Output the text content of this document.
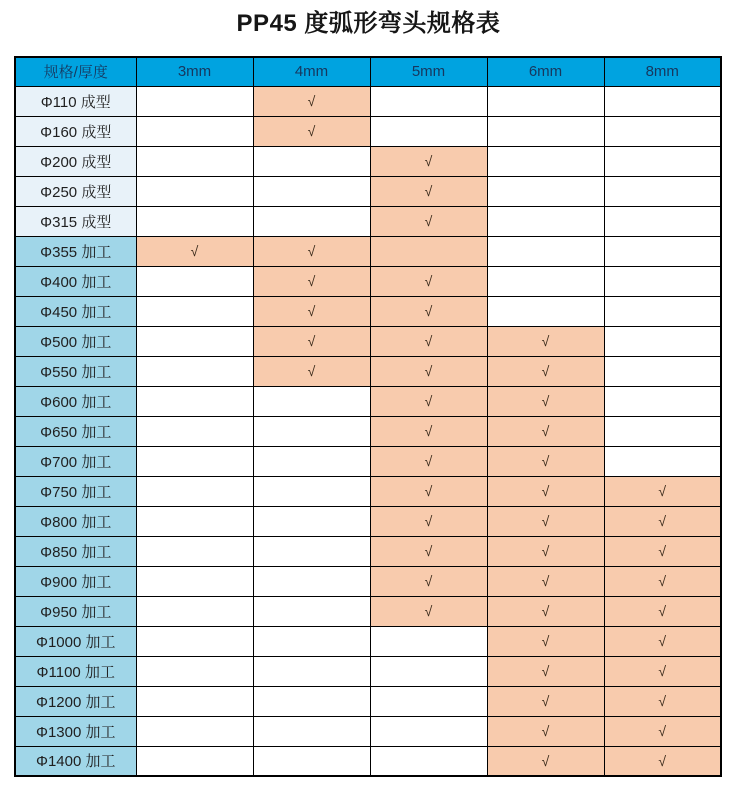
PP45 度弧形弯头规格表
规格/厚度	3mm	4mm	5mm	6mm	8mm
Φ110 成型		√			
Φ160 成型		√			
Φ200 成型			√		
Φ250 成型			√		
Φ315 成型			√		
Φ355 加工	√	√			
Φ400 加工		√	√		
Φ450 加工		√	√		
Φ500 加工		√	√	√	
Φ550 加工		√	√	√	
Φ600 加工			√	√	
Φ650 加工			√	√	
Φ700 加工			√	√	
Φ750 加工			√	√	√
Φ800 加工			√	√	√
Φ850 加工			√	√	√
Φ900 加工			√	√	√
Φ950 加工			√	√	√
Φ1000 加工				√	√
Φ1100 加工				√	√
Φ1200 加工				√	√
Φ1300 加工				√	√
Φ1400 加工				√	√
